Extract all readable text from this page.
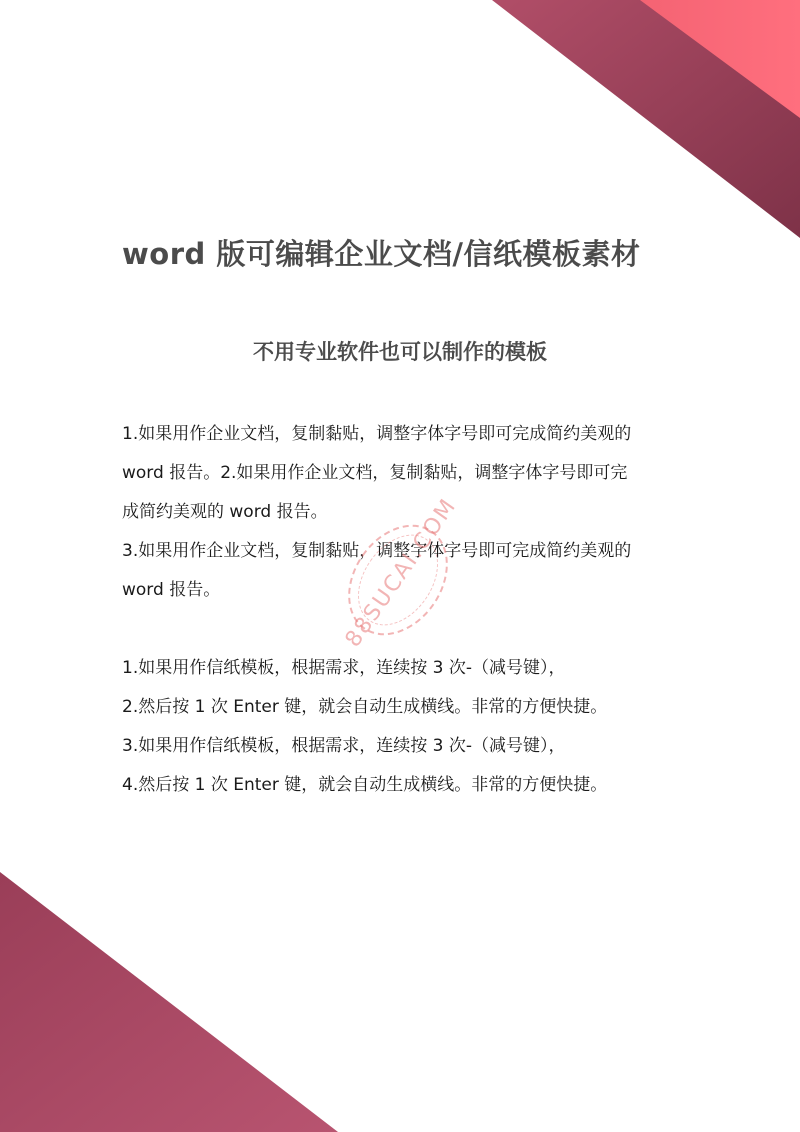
word 版可编辑企业文档/信纸模板素材
不用专业软件也可以制作的模板
1.如果用作企业文档，复制黏贴，调整字体字号即可完成简约美观的
word 报告。2.如果用作企业文档，复制黏贴，调整字体字号即可完
成简约美观的 word 报告。
3.如果用作企业文档，复制黏贴，调整字体字号即可完成简约美观的
word 报告。
1.如果用作信纸模板，根据需求，连续按 3 次-（减号键），
2.然后按 1 次 Enter 键，就会自动生成横线。非常的方便快捷。
3.如果用作信纸模板，根据需求，连续按 3 次-（减号键），
4.然后按 1 次 Enter 键，就会自动生成横线。非常的方便快捷。
88SUCAI.COM
